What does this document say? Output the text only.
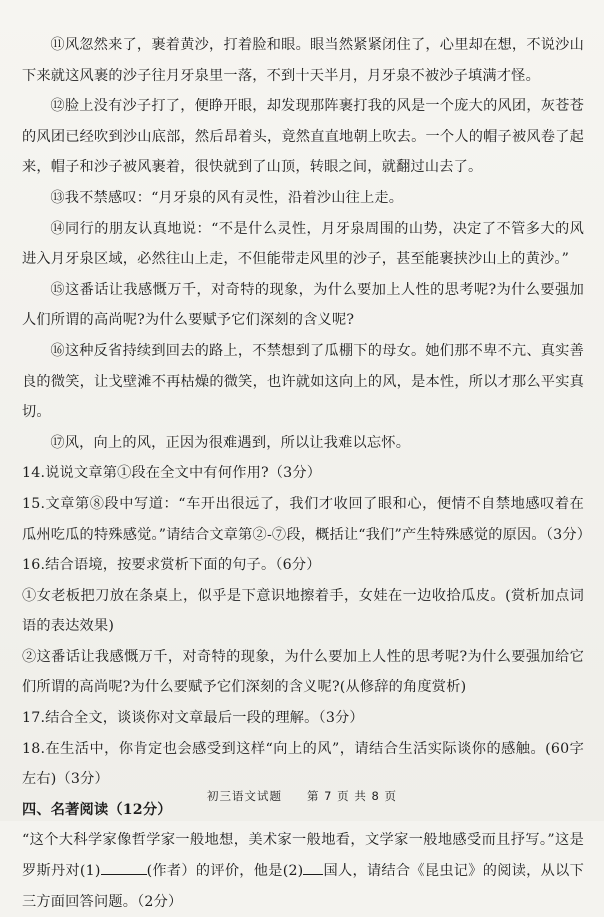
⑪风忽然来了，裹着黄沙，打着脸和眼。眼当然紧紧闭住了，心里却在想，不说沙山下来就这风裹的沙子往月牙泉里一落，不到十天半月，月牙泉不被沙子填满才怪。

⑫脸上没有沙子打了，便睁开眼，却发现那阵裹打我的风是一个庞大的风团，灰苍苍的风团已经吹到沙山底部，然后昂着头，竟然直直地朝上吹去。一个人的帽子被风卷了起来，帽子和沙子被风裹着，很快就到了山顶，转眼之间，就翻过山去了。

⑬我不禁感叹：“月牙泉的风有灵性，沿着沙山往上走。

⑭同行的朋友认真地说：“不是什么灵性，月牙泉周围的山势，决定了不管多大的风进入月牙泉区域，必然往山上走，不但能带走风里的沙子，甚至能裹挟沙山上的黄沙。”

⑮这番话让我感慨万千，对奇特的现象，为什么要加上人性的思考呢?为什么要强加人们所谓的高尚呢?为什么要赋予它们深刻的含义呢?

⑯这种反省持续到回去的路上，不禁想到了瓜棚下的母女。她们那不卑不亢、真实善良的微笑，让戈壁滩不再枯燥的微笑，也许就如这向上的风，是本性，所以才那么平实真切。

⑰风，向上的风，正因为很难遇到，所以让我难以忘怀。

14.说说文章第①段在全文中有何作用?（3分）

15.文章第⑧段中写道：“车开出很远了，我们才收回了眼和心，便情不自禁地感叹着在瓜州吃瓜的特殊感觉。”请结合文章第②-⑦段，概括让“我们”产生特殊感觉的原因。（3分）

16.结合语境，按要求赏析下面的句子。（6分）

①女老板把刀放在条桌上，似乎是下意识地擦着手，女娃在一边收拾瓜皮。(赏析加点词语的表达效果)

②这番话让我感慨万千，对奇特的现象，为什么要加上人性的思考呢?为什么要强加给它们所谓的高尚呢?为什么要赋予它们深刻的含义呢?(从修辞的角度赏析)

17.结合全文，谈谈你对文章最后一段的理解。（3分）

18.在生活中，你肯定也会感受到这样“向上的风”，请结合生活实际谈你的感触。(60字左右)（3分）

四、名著阅读（12分）

“这个大科学家像哲学家一般地想，美术家一般地看，文学家一般地感受而且抒写。”这是罗斯丹对(1)	(作者）的评价，他是(2) 国人，请结合《昆虫记》的阅读，从以下三方面回答问题。（2分）

初三语文试题　　第 7 页 共 8 页
